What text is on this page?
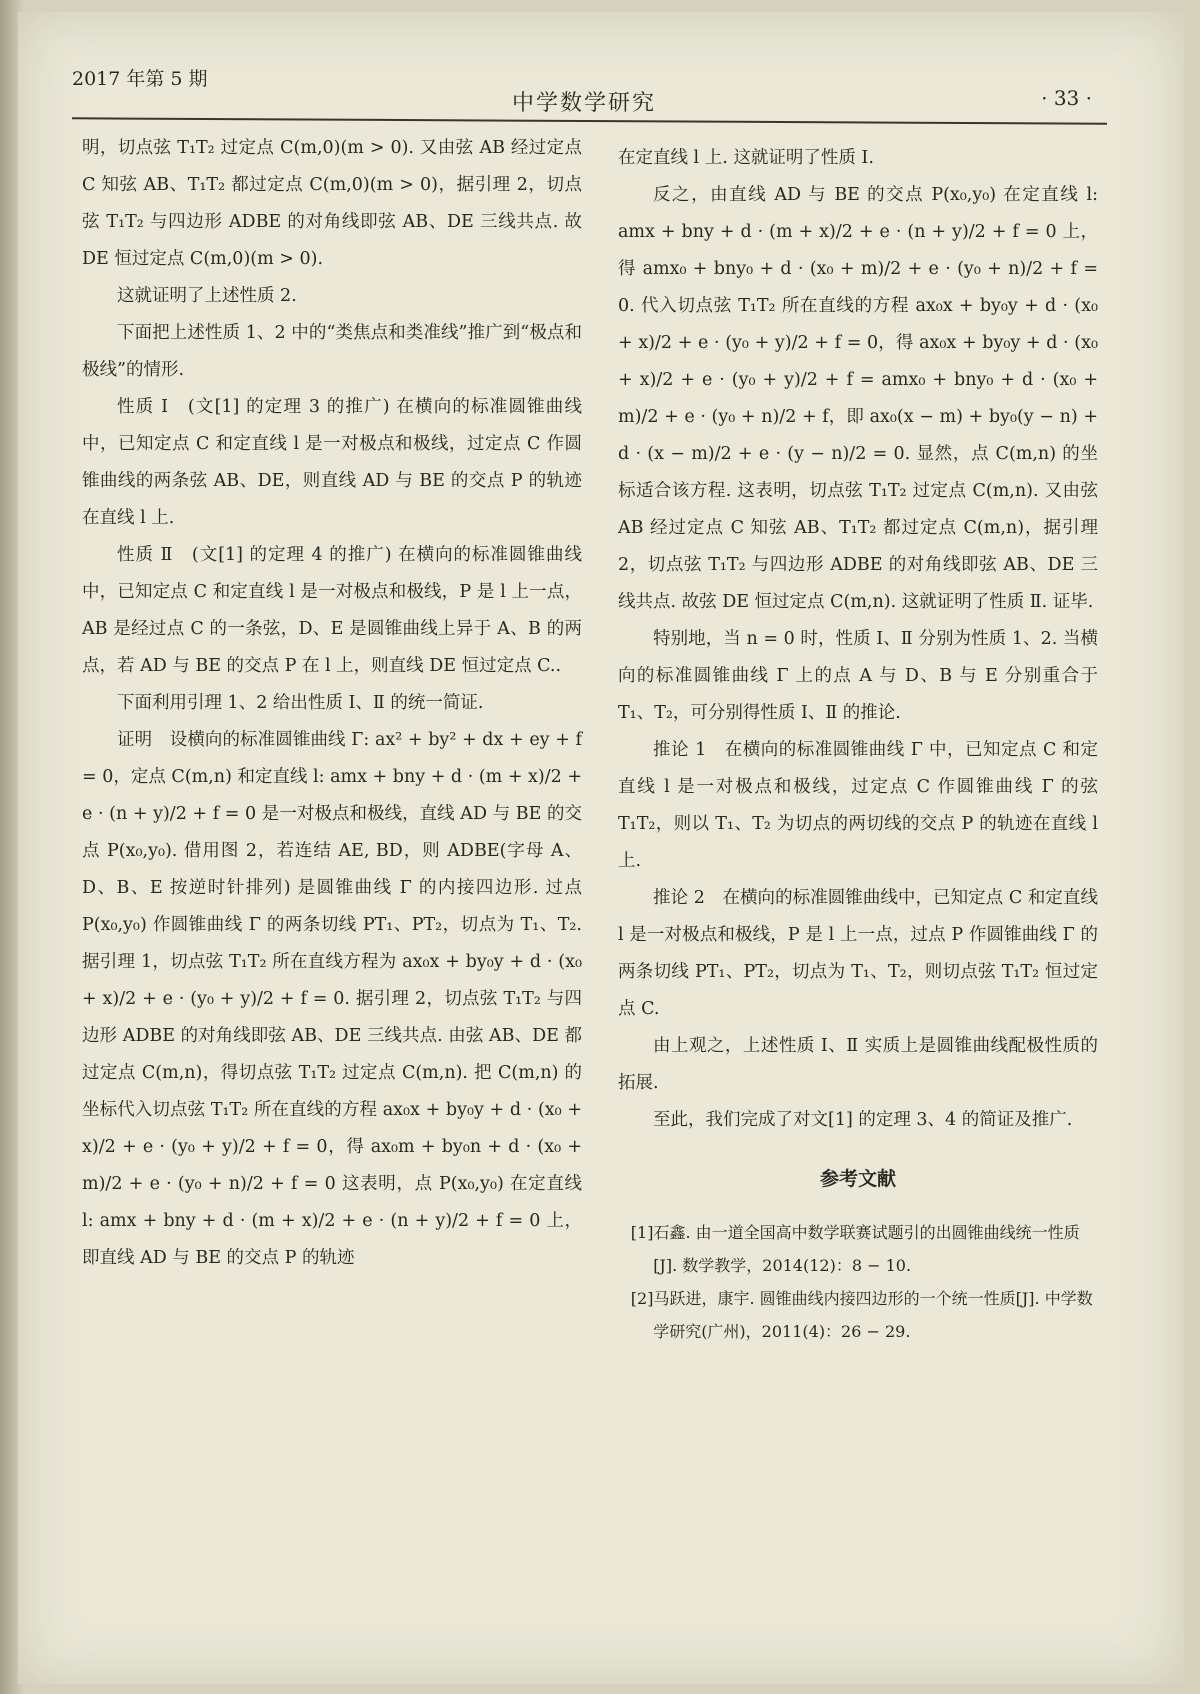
2017 年第 5 期
中学数学研究	· 33 ·

明，切点弦 T₁T₂ 过定点 C(m,0)(m > 0). 又由弦 AB 经过定点 C 知弦 AB、T₁T₂ 都过定点 C(m,0)(m > 0)，据引理 2，切点弦 T₁T₂ 与四边形 ADBE 的对角线即弦 AB、DE 三线共点. 故 DE 恒过定点 C(m,0)(m > 0).

这就证明了上述性质 2.

下面把上述性质 1、2 中的“类焦点和类准线”推广到“极点和极线”的情形.

性质 Ⅰ　(文[1] 的定理 3 的推广) 在横向的标准圆锥曲线中，已知定点 C 和定直线 l 是一对极点和极线，过定点 C 作圆锥曲线的两条弦 AB、DE，则直线 AD 与 BE 的交点 P 的轨迹在直线 l 上.

性质 Ⅱ　(文[1] 的定理 4 的推广) 在横向的标准圆锥曲线中，已知定点 C 和定直线 l 是一对极点和极线，P 是 l 上一点，AB 是经过点 C 的一条弦，D、E 是圆锥曲线上异于 A、B 的两点，若 AD 与 BE 的交点 P 在 l 上，则直线 DE 恒过定点 C..

下面利用引理 1、2 给出性质 Ⅰ、Ⅱ 的统一简证.

证明　设横向的标准圆锥曲线 Γ: ax² + by² + dx + ey + f = 0，定点 C(m,n) 和定直线 l: amx + bny + d · (m + x)/2 + e · (n + y)/2 + f = 0 是一对极点和极线，直线 AD 与 BE 的交点 P(x₀,y₀). 借用图 2，若连结 AE, BD，则 ADBE(字母 A、D、B、E 按逆时针排列) 是圆锥曲线 Γ 的内接四边形. 过点 P(x₀,y₀) 作圆锥曲线 Γ 的两条切线 PT₁、PT₂，切点为 T₁、T₂. 据引理 1，切点弦 T₁T₂ 所在直线方程为 ax₀x + by₀y + d · (x₀ + x)/2 + e · (y₀ + y)/2 + f = 0. 据引理 2，切点弦 T₁T₂ 与四边形 ADBE 的对角线即弦 AB、DE 三线共点. 由弦 AB、DE 都过定点 C(m,n)，得切点弦 T₁T₂ 过定点 C(m,n). 把 C(m,n) 的坐标代入切点弦 T₁T₂ 所在直线的方程 ax₀x + by₀y + d · (x₀ + x)/2 + e · (y₀ + y)/2 + f = 0，得 ax₀m + by₀n + d · (x₀ + m)/2 + e · (y₀ + n)/2 + f = 0 这表明，点 P(x₀,y₀) 在定直线 l: amx + bny + d · (m + x)/2 + e · (n + y)/2 + f = 0 上，即直线 AD 与 BE 的交点 P 的轨迹

在定直线 l 上. 这就证明了性质 Ⅰ.

反之，由直线 AD 与 BE 的交点 P(x₀,y₀) 在定直线 l: amx + bny + d · (m + x)/2 + e · (n + y)/2 + f = 0 上，得 amx₀ + bny₀ + d · (x₀ + m)/2 + e · (y₀ + n)/2 + f = 0. 代入切点弦 T₁T₂ 所在直线的方程 ax₀x + by₀y + d · (x₀ + x)/2 + e · (y₀ + y)/2 + f = 0，得 ax₀x + by₀y + d · (x₀ + x)/2 + e · (y₀ + y)/2 + f = amx₀ + bny₀ + d · (x₀ + m)/2 + e · (y₀ + n)/2 + f，即 ax₀(x − m) + by₀(y − n) + d · (x − m)/2 + e · (y − n)/2 = 0. 显然，点 C(m,n) 的坐标适合该方程. 这表明，切点弦 T₁T₂ 过定点 C(m,n). 又由弦 AB 经过定点 C 知弦 AB、T₁T₂ 都过定点 C(m,n)，据引理 2，切点弦 T₁T₂ 与四边形 ADBE 的对角线即弦 AB、DE 三线共点. 故弦 DE 恒过定点 C(m,n). 这就证明了性质 Ⅱ. 证毕.

特别地，当 n = 0 时，性质 Ⅰ、Ⅱ 分别为性质 1、2. 当横向的标准圆锥曲线 Γ 上的点 A 与 D、B 与 E 分别重合于 T₁、T₂，可分别得性质 Ⅰ、Ⅱ 的推论.

推论 1　在横向的标准圆锥曲线 Γ 中，已知定点 C 和定直线 l 是一对极点和极线，过定点 C 作圆锥曲线 Γ 的弦 T₁T₂，则以 T₁、T₂ 为切点的两切线的交点 P 的轨迹在直线 l 上.

推论 2　在横向的标准圆锥曲线中，已知定点 C 和定直线 l 是一对极点和极线，P 是 l 上一点，过点 P 作圆锥曲线 Γ 的两条切线 PT₁、PT₂，切点为 T₁、T₂，则切点弦 T₁T₂ 恒过定点 C.

由上观之，上述性质 Ⅰ、Ⅱ 实质上是圆锥曲线配极性质的拓展.

至此，我们完成了对文[1] 的定理 3、4 的简证及推广.

参考文献

[1]石鑫. 由一道全国高中数学联赛试题引的出圆锥曲线统一性质[J]. 数学教学，2014(12)：8 − 10.

[2]马跃进，康宇. 圆锥曲线内接四边形的一个统一性质[J]. 中学数学研究(广州)，2011(4)：26 − 29.
